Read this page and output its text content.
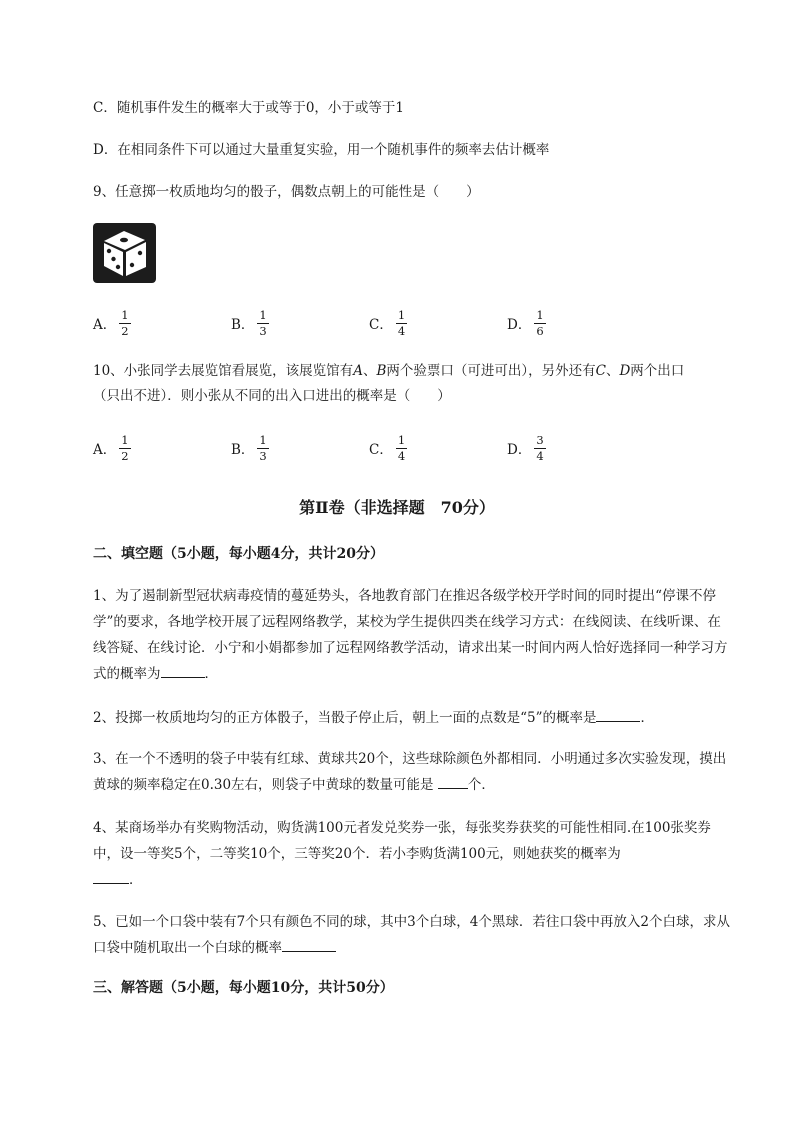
C．随机事件发生的概率大于或等于0，小于或等于1
D．在相同条件下可以通过大量重复实验，用一个随机事件的频率去估计概率
9、任意掷一枚质地均匀的骰子，偶数点朝上的可能性是（　　）
A． $\frac{1}{2}$	B． $\frac{1}{3}$	C． $\frac{1}{4}$	D． $\frac{1}{6}$
10、小张同学去展览馆看展览，该展览馆有A、B两个验票口（可进可出），另外还有C、D两个出口
（只出不进）．则小张从不同的出入口进出的概率是（　　）
A． $\frac{1}{2}$	B． $\frac{1}{3}$	C． $\frac{1}{4}$	D． $\frac{3}{4}$
第Ⅱ卷（非选择题　70分）
二、填空题（5小题，每小题4分，共计20分）
1、为了遏制新型冠状病毒疫情的蔓延势头，各地教育部门在推迟各级学校开学时间的同时提出“停课不停学”的要求，各地学校开展了远程网络教学，某校为学生提供四类在线学习方式：在线阅读、在线听课、在线答疑、在线讨论．小宁和小娟都参加了远程网络教学活动，请求出某一时间内两人恰好选择同一种学习方式的概率为	．
2、投掷一枚质地均匀的正方体骰子，当骰子停止后，朝上一面的点数是“5”的概率是	．
3、在一个不透明的袋子中装有红球、黄球共20个，这些球除颜色外都相同．小明通过多次实验发现，摸出黄球的频率稳定在0.30左右，则袋子中黄球的数量可能是 个．
4、某商场举办有奖购物活动，购货满100元者发兑奖券一张，每张奖券获奖的可能性相同.在100张奖券中，设一等奖5个，二等奖10个，三等奖20个．若小李购货满100元，则她获奖的概率为
．
5、已如一个口袋中装有7个只有颜色不同的球，其中3个白球，4个黑球．若往口袋中再放入2个白球，求从口袋中随机取出一个白球的概率
三、解答题（5小题，每小题10分，共计50分）
